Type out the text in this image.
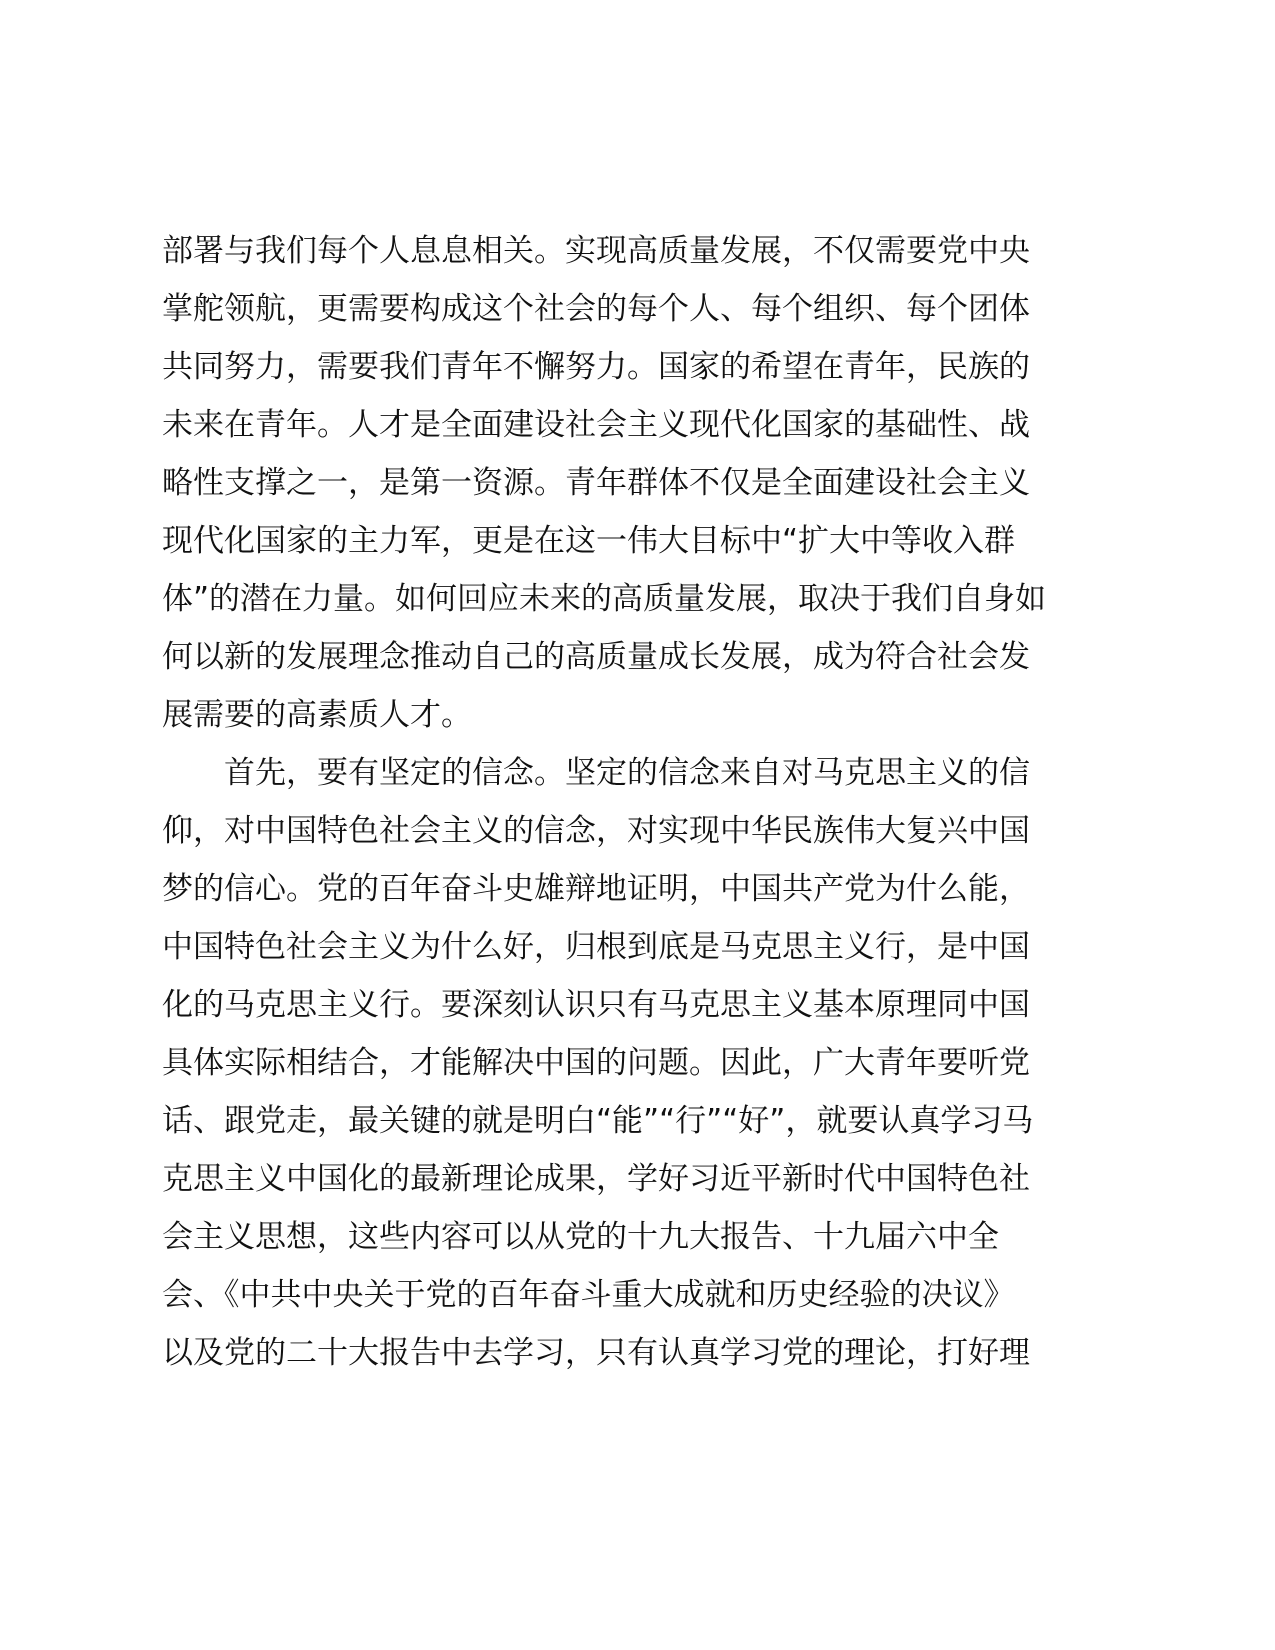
部署与我们每个人息息相关。实现高质量发展，不仅需要党中央
掌舵领航，更需要构成这个社会的每个人、每个组织、每个团体
共同努力，需要我们青年不懈努力。国家的希望在青年，民族的
未来在青年。人才是全面建设社会主义现代化国家的基础性、战
略性支撑之一，是第一资源。青年群体不仅是全面建设社会主义
现代化国家的主力军，更是在这一伟大目标中“扩大中等收入群
体”的潜在力量。如何回应未来的高质量发展，取决于我们自身如
何以新的发展理念推动自己的高质量成长发展，成为符合社会发
展需要的高素质人才。
首先，要有坚定的信念。坚定的信念来自对马克思主义的信
仰，对中国特色社会主义的信念，对实现中华民族伟大复兴中国
梦的信心。党的百年奋斗史雄辩地证明，中国共产党为什么能，
中国特色社会主义为什么好，归根到底是马克思主义行，是中国
化的马克思主义行。要深刻认识只有马克思主义基本原理同中国
具体实际相结合，才能解决中国的问题。因此，广大青年要听党
话、跟党走，最关键的就是明白“能”“行”“好”，就要认真学习马
克思主义中国化的最新理论成果，学好习近平新时代中国特色社
会主义思想，这些内容可以从党的十九大报告、十九届六中全
会、《中共中央关于党的百年奋斗重大成就和历史经验的决议》
以及党的二十大报告中去学习，只有认真学习党的理论，打好理
